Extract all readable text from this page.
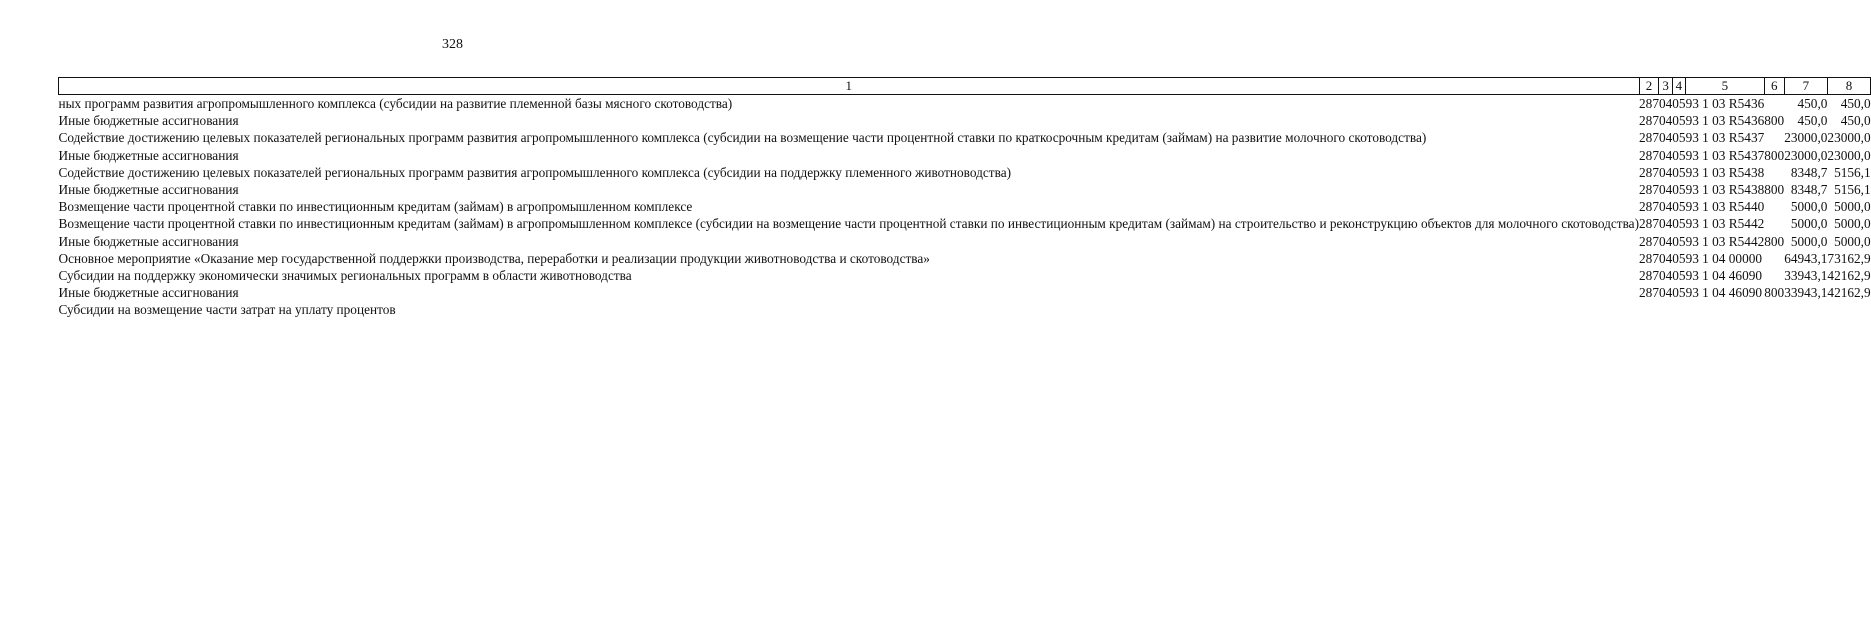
328
1	2	3	4	5	6	7	8
ных программ развития агропромышленного комплекса (субсидии на развитие племенной базы мясного скотоводства)	287	04	05	93 1 03 R5436		450,0	450,0
Иные бюджетные ассигнования	287	04	05	93 1 03 R5436	800	450,0	450,0
Содействие достижению целевых показателей региональных программ развития агропромышленного комплекса (субсидии на возмещение части процентной ставки по краткосрочным кредитам (займам) на развитие молочного скотоводства)	287	04	05	93 1 03 R5437		23000,0	23000,0
Иные бюджетные ассигнования	287	04	05	93 1 03 R5437	800	23000,0	23000,0
Содействие достижению целевых показателей региональных программ развития агропромышленного комплекса (субсидии на поддержку племенного животноводства)	287	04	05	93 1 03 R5438		8348,7	5156,1
Иные бюджетные ассигнования	287	04	05	93 1 03 R5438	800	8348,7	5156,1
Возмещение части процентной ставки по инвестиционным кредитам (займам) в агропромышленном комплексе	287	04	05	93 1 03 R5440		5000,0	5000,0
Возмещение части процентной ставки по инвестиционным кредитам (займам) в агропромышленном комплексе (субсидии на возмещение части процентной ставки по инвестиционным кредитам (займам) на строительство и реконструкцию объектов для молочного скотоводства)	287	04	05	93 1 03 R5442		5000,0	5000,0
Иные бюджетные ассигнования	287	04	05	93 1 03 R5442	800	5000,0	5000,0
Основное мероприятие «Оказание мер государственной поддержки производства, переработки и реализации продукции животноводства и скотоводства»	287	04	05	93 1 04 00000		64943,1	73162,9
Субсидии на поддержку экономически значимых региональных программ в области животноводства	287	04	05	93 1 04 46090		33943,1	42162,9
Иные бюджетные ассигнования	287	04	05	93 1 04 46090	800	33943,1	42162,9
Субсидии на возмещение части затрат на уплату процентов							
